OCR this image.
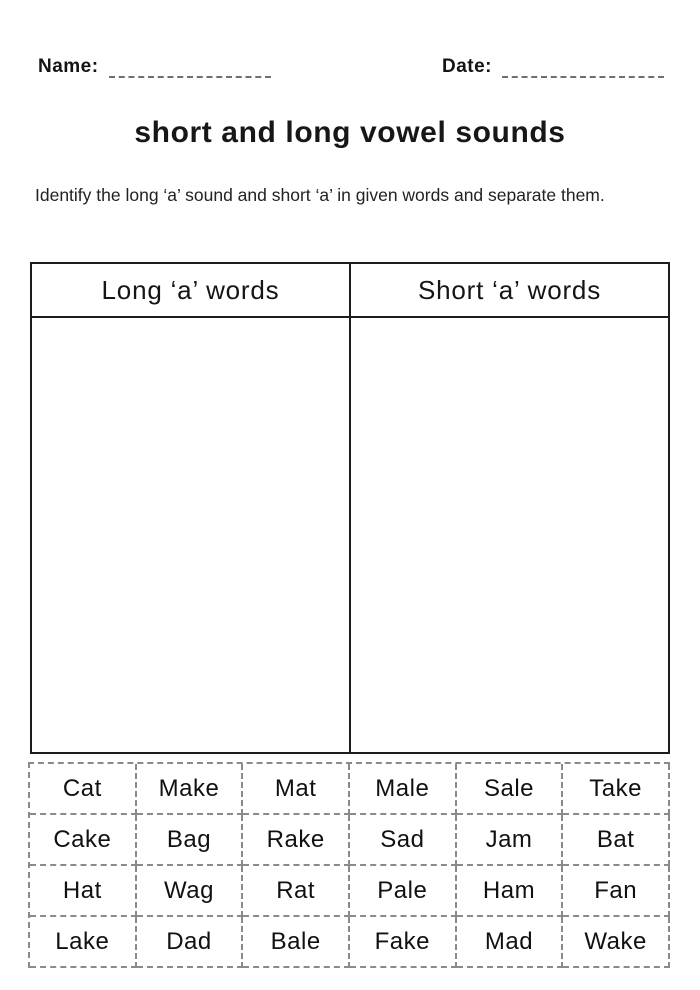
Name:	Date:
short and long vowel sounds

Identify the long ‘a’ sound and short ‘a’ in given words and separate them.

Long ‘a’ words	Short ‘a’ words
Cat	Make	Mat	Male	Sale	Take
Cake	Bag	Rake	Sad	Jam	Bat
Hat	Wag	Rat	Pale	Ham	Fan
Lake	Dad	Bale	Fake	Mad	Wake
